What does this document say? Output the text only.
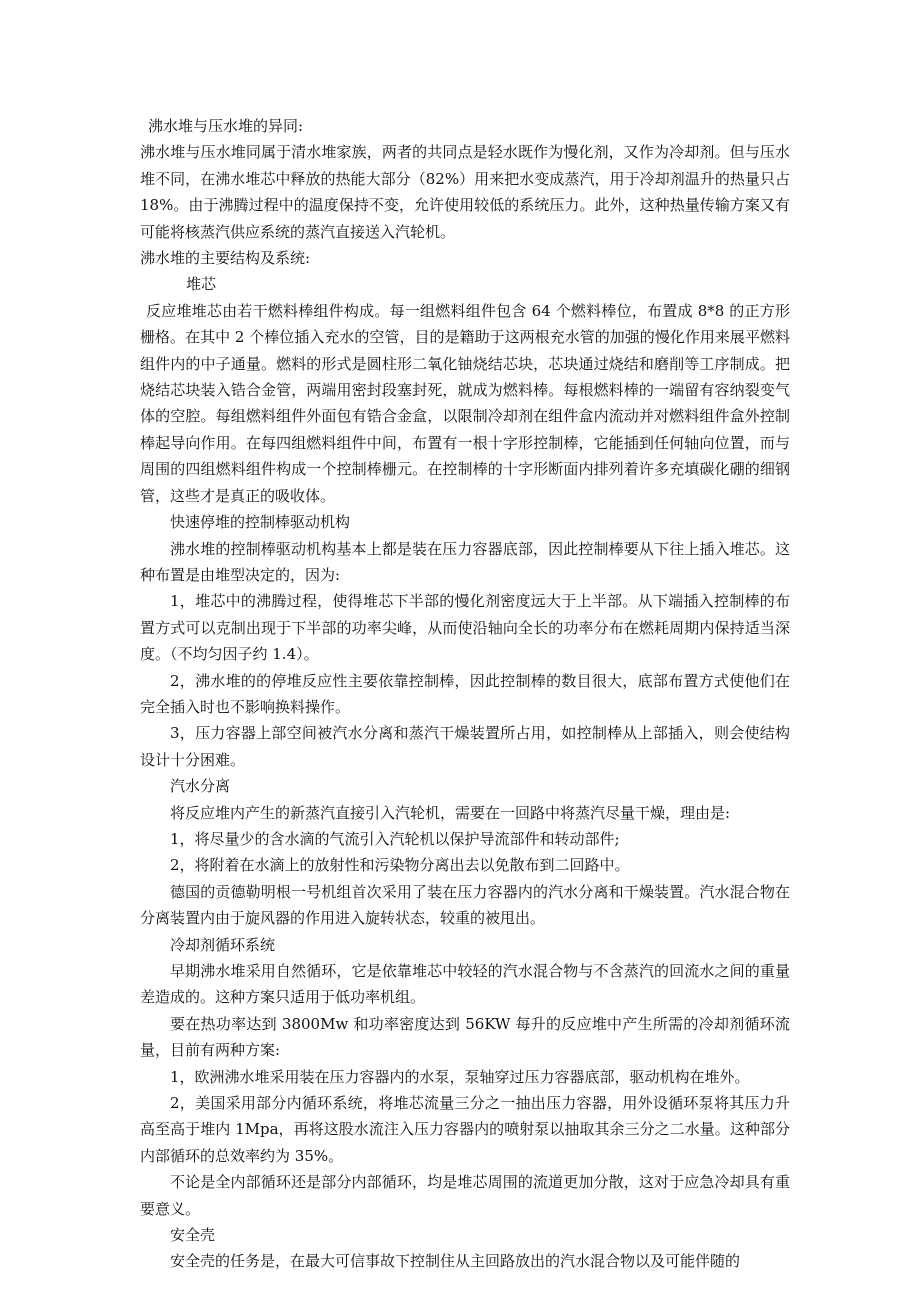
沸水堆与压水堆的异同:

沸水堆与压水堆同属于清水堆家族，两者的共同点是轻水既作为慢化剂，又作为冷却剂。但与压水堆不同，在沸水堆芯中释放的热能大部分（82%）用来把水变成蒸汽，用于冷却剂温升的热量只占 18%。由于沸腾过程中的温度保持不变，允许使用较低的系统压力。此外，这种热量传输方案又有可能将核蒸汽供应系统的蒸汽直接送入汽轮机。

沸水堆的主要结构及系统:

堆芯

反应堆堆芯由若干燃料棒组件构成。每一组燃料组件包含 64 个燃料棒位，布置成 8*8 的正方形栅格。在其中 2 个棒位插入充水的空管，目的是籍助于这两根充水管的加强的慢化作用来展平燃料组件内的中子通量。燃料的形式是圆柱形二氧化铀烧结芯块，芯块通过烧结和磨削等工序制成。把烧结芯块装入锆合金管，两端用密封段塞封死，就成为燃料棒。每根燃料棒的一端留有容纳裂变气体的空腔。每组燃料组件外面包有锆合金盒，以限制冷却剂在组件盒内流动并对燃料组件盒外控制棒起导向作用。在每四组燃料组件中间，布置有一根十字形控制棒，它能插到任何轴向位置，而与周围的四组燃料组件构成一个控制棒栅元。在控制棒的十字形断面内排列着许多充填碳化硼的细钢管，这些才是真正的吸收体。

快速停堆的控制棒驱动机构

沸水堆的控制棒驱动机构基本上都是装在压力容器底部，因此控制棒要从下往上插入堆芯。这种布置是由堆型决定的，因为:

1，堆芯中的沸腾过程，使得堆芯下半部的慢化剂密度远大于上半部。从下端插入控制棒的布置方式可以克制出现于下半部的功率尖峰，从而使沿轴向全长的功率分布在燃耗周期内保持适当深度。（不均匀因子约 1.4）。

2，沸水堆的的停堆反应性主要依靠控制棒，因此控制棒的数目很大，底部布置方式使他们在完全插入时也不影响换料操作。

3，压力容器上部空间被汽水分离和蒸汽干燥装置所占用，如控制棒从上部插入，则会使结构设计十分困难。

汽水分离

将反应堆内产生的新蒸汽直接引入汽轮机，需要在一回路中将蒸汽尽量干燥，理由是:

1，将尽量少的含水滴的气流引入汽轮机以保护导流部件和转动部件;

2，将附着在水滴上的放射性和污染物分离出去以免散布到二回路中。

德国的贡德勒明根一号机组首次采用了装在压力容器内的汽水分离和干燥装置。汽水混合物在分离装置内由于旋风器的作用进入旋转状态，较重的被甩出。

冷却剂循环系统

早期沸水堆采用自然循环，它是依靠堆芯中较轻的汽水混合物与不含蒸汽的回流水之间的重量差造成的。这种方案只适用于低功率机组。

要在热功率达到 3800Mw 和功率密度达到 56KW 每升的反应堆中产生所需的冷却剂循环流量，目前有两种方案:

1，欧洲沸水堆采用装在压力容器内的水泵，泵轴穿过压力容器底部，驱动机构在堆外。

2，美国采用部分内循环系统，将堆芯流量三分之一抽出压力容器，用外设循环泵将其压力升高至高于堆内 1Mpa，再将这股水流注入压力容器内的喷射泵以抽取其余三分之二水量。这种部分内部循环的总效率约为 35%。

不论是全内部循环还是部分内部循环，均是堆芯周围的流道更加分散，这对于应急冷却具有重要意义。

安全壳

安全壳的任务是，在最大可信事故下控制住从主回路放出的汽水混合物以及可能伴随的
